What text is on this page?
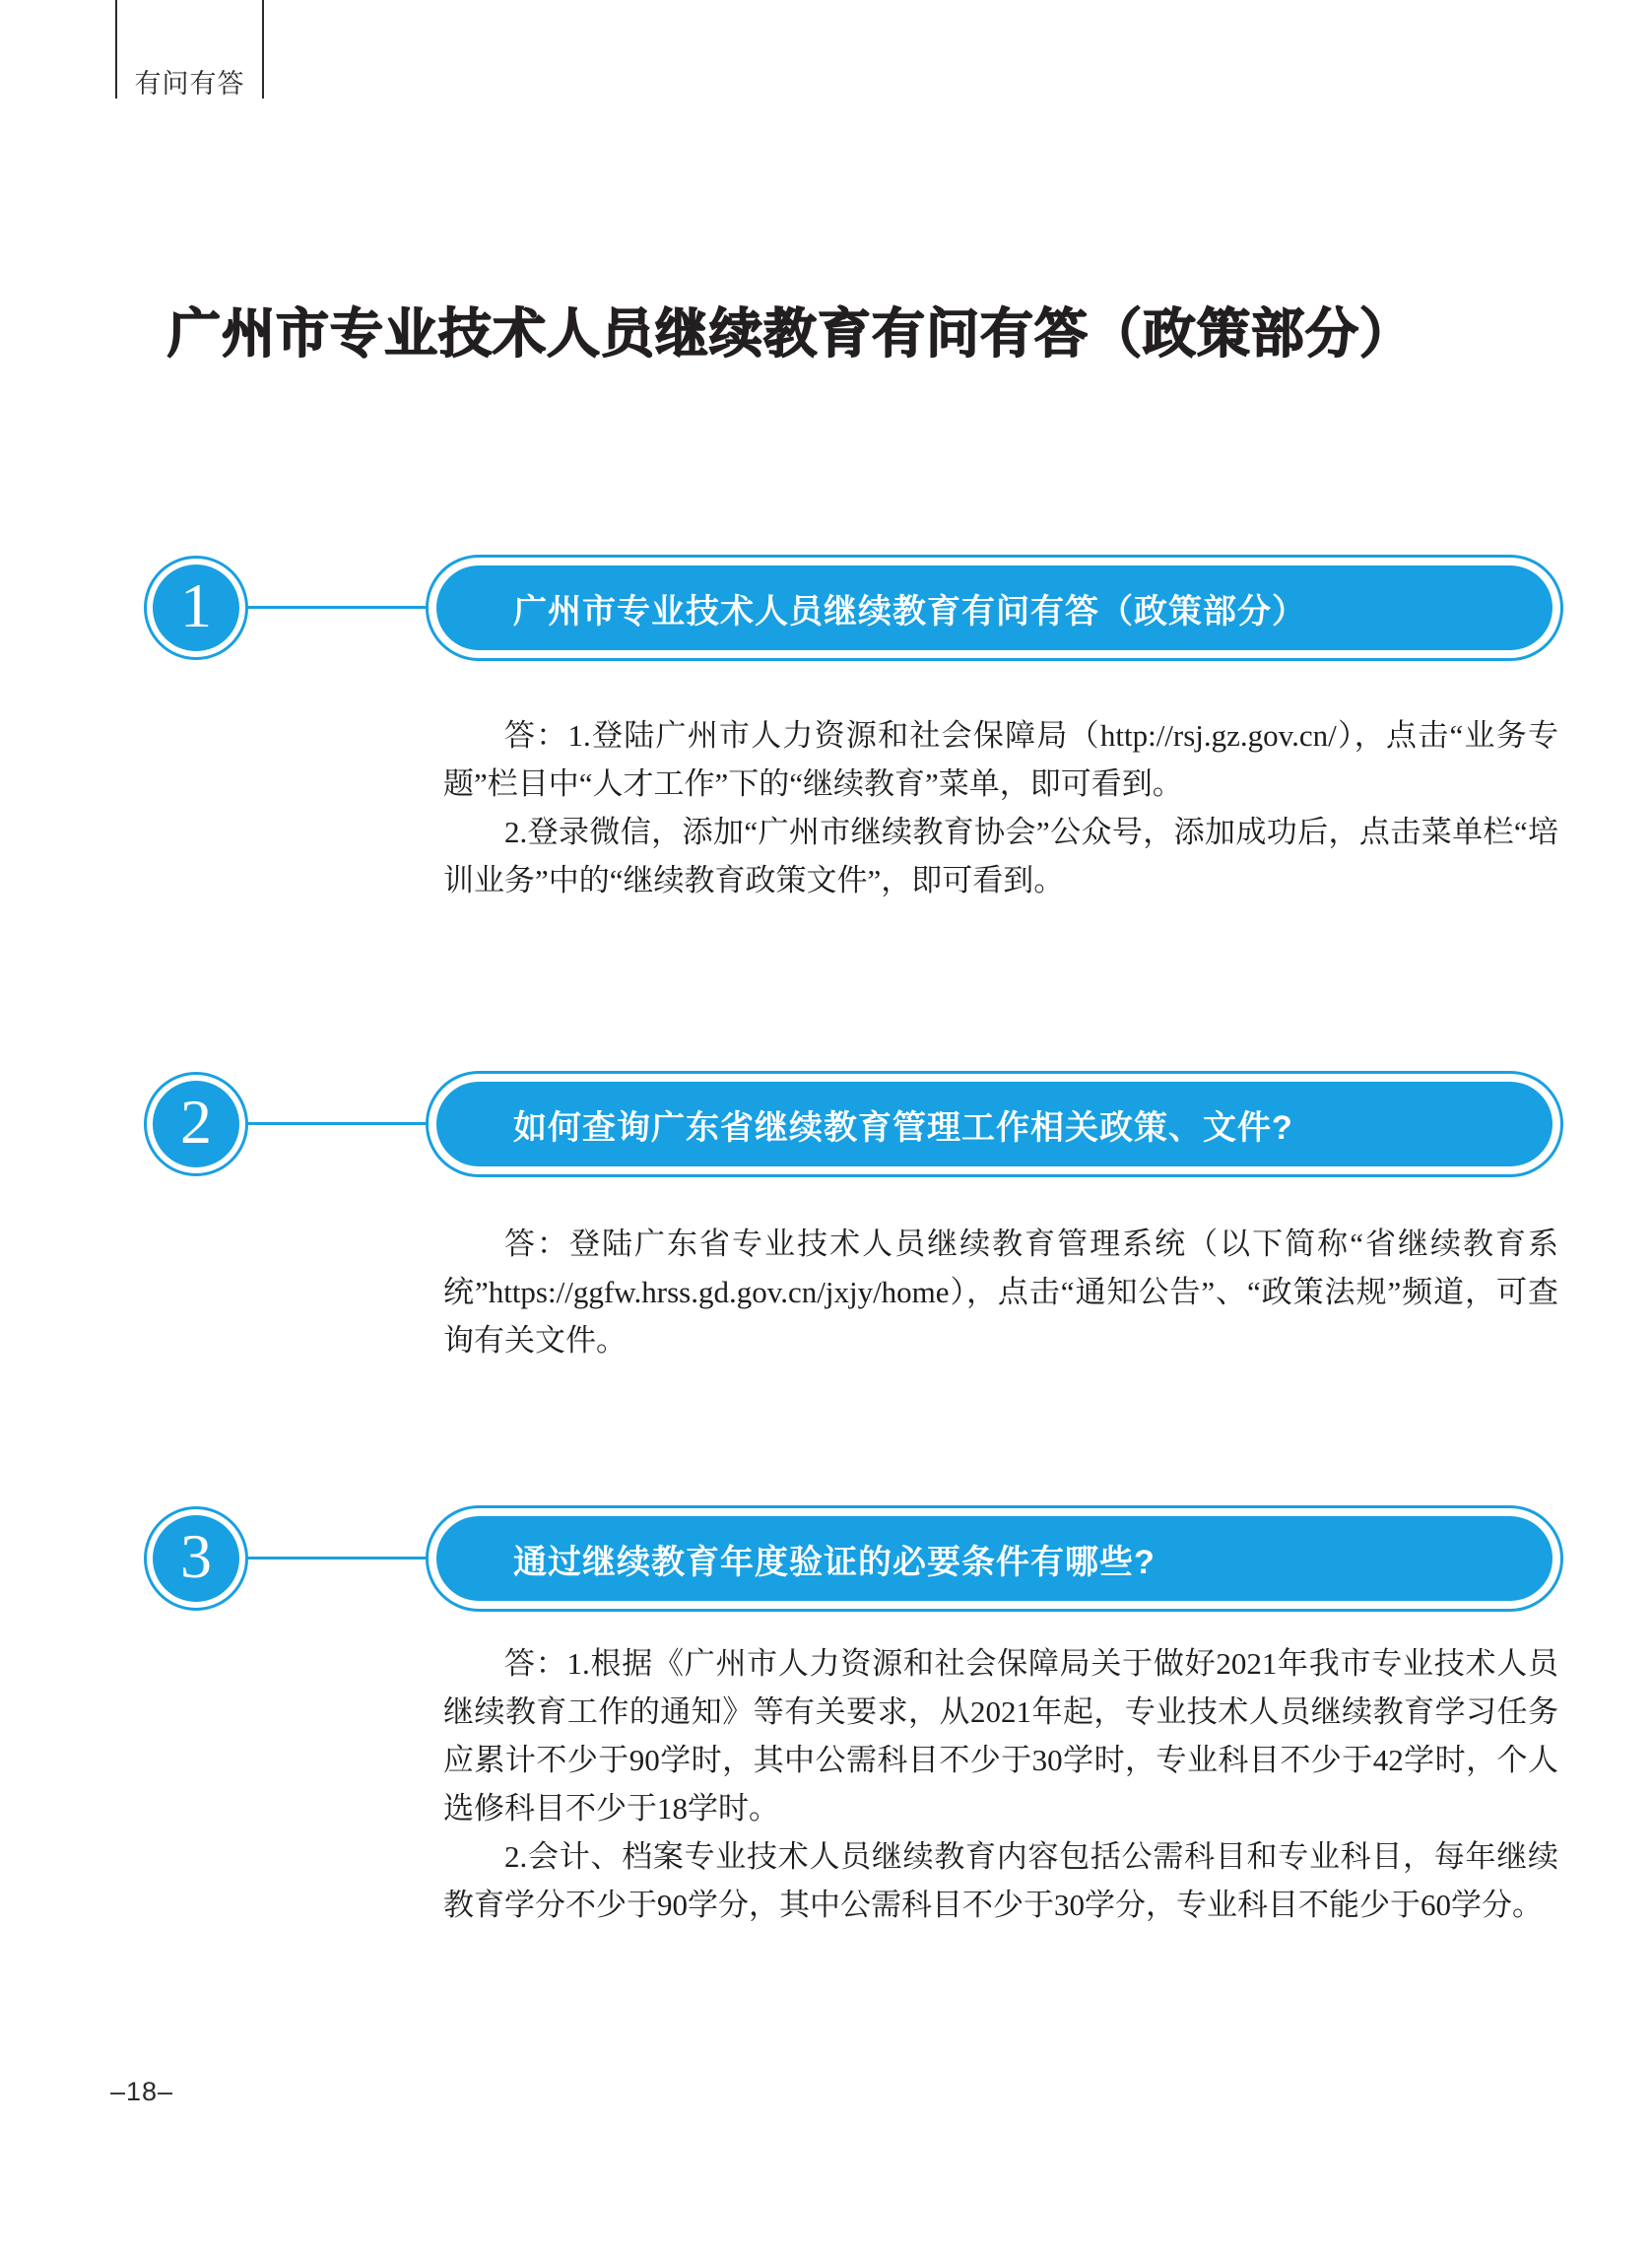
有问有答
广州市专业技术人员继续教育有问有答（政策部分）
1	广州市专业技术人员继续教育有问有答（政策部分）

答：1.登陆广州市人力资源和社会保障局（http://rsj.gz.gov.cn/），点击“业务专题”栏目中“人才工作”下的“继续教育”菜单，即可看到。

2.登录微信，添加“广州市继续教育协会”公众号，添加成功后，点击菜单栏“培训业务”中的“继续教育政策文件”，即可看到。

2	如何查询广东省继续教育管理工作相关政策、文件?

答：登陆广东省专业技术人员继续教育管理系统（以下简称“省继续教育系统”https://ggfw.hrss.gd.gov.cn/jxjy/home），点击“通知公告”、“政策法规”频道，可查询有关文件。

3	通过继续教育年度验证的必要条件有哪些?

答：1.根据《广州市人力资源和社会保障局关于做好2021年我市专业技术人员继续教育工作的通知》等有关要求，从2021年起，专业技术人员继续教育学习任务应累计不少于90学时，其中公需科目不少于30学时，专业科目不少于42学时，个人选修科目不少于18学时。

2.会计、档案专业技术人员继续教育内容包括公需科目和专业科目，每年继续教育学分不少于90学分，其中公需科目不少于30学分，专业科目不能少于60学分。

–18–
